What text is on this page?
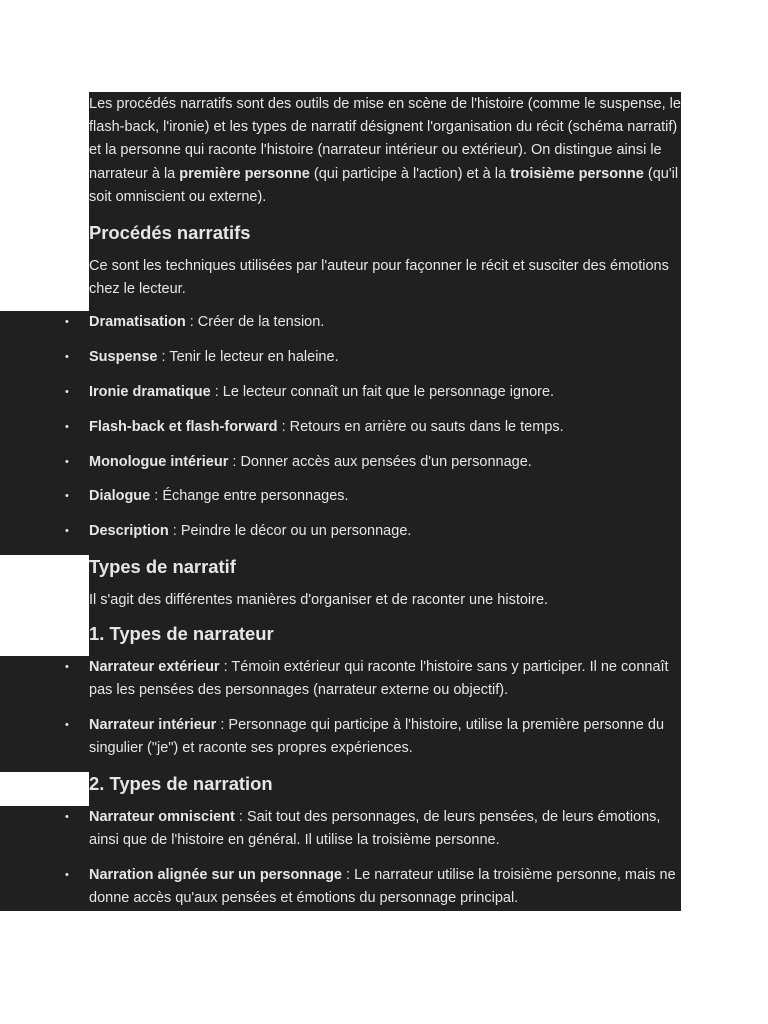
Les procédés narratifs sont des outils de mise en scène de l'histoire (comme le suspense, le flash-back, l'ironie) et les types de narratif désignent l'organisation du récit (schéma narratif) et la personne qui raconte l'histoire (narrateur intérieur ou extérieur). On distingue ainsi le narrateur à la première personne (qui participe à l'action) et à la troisième personne (qu'il soit omniscient ou externe).
Procédés narratifs
Ce sont les techniques utilisées par l'auteur pour façonner le récit et susciter des émotions chez le lecteur.
• Dramatisation : Créer de la tension.
• Suspense : Tenir le lecteur en haleine.
• Ironie dramatique : Le lecteur connaît un fait que le personnage ignore.
• Flash-back et flash-forward : Retours en arrière ou sauts dans le temps.
• Monologue intérieur : Donner accès aux pensées d'un personnage.
• Dialogue : Échange entre personnages.
• Description : Peindre le décor ou un personnage.
Types de narratif
Il s'agit des différentes manières d'organiser et de raconter une histoire.
1. Types de narrateur
• Narrateur extérieur : Témoin extérieur qui raconte l'histoire sans y participer. Il ne connaît pas les pensées des personnages (narrateur externe ou objectif).
• Narrateur intérieur : Personnage qui participe à l'histoire, utilise la première personne du singulier ("je") et raconte ses propres expériences.
2. Types de narration
• Narrateur omniscient : Sait tout des personnages, de leurs pensées, de leurs émotions, ainsi que de l'histoire en général. Il utilise la troisième personne.
• Narration alignée sur un personnage : Le narrateur utilise la troisième personne, mais ne donne accès qu'aux pensées et émotions du personnage principal.
